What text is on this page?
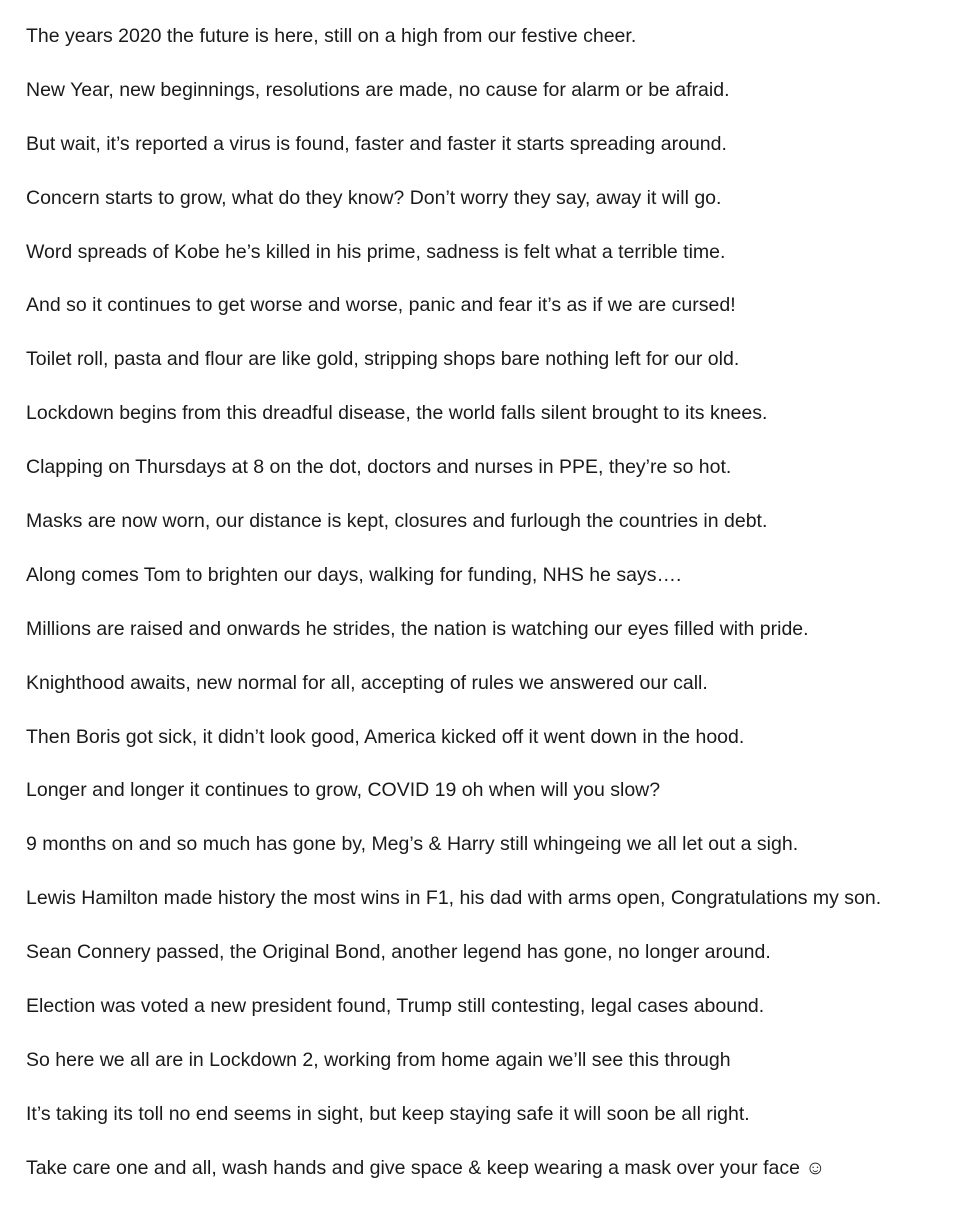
The years 2020 the future is here, still on a high from our festive cheer.
New Year, new beginnings, resolutions are made, no cause for alarm or be afraid.
But wait, it’s reported a virus is found, faster and faster it starts spreading around.
Concern starts to grow, what do they know? Don’t worry they say, away it will go.
Word spreads of Kobe he’s killed in his prime, sadness is felt what a terrible time.
And so it continues to get worse and worse, panic and fear it’s as if we are cursed!
Toilet roll, pasta and flour are like gold, stripping shops bare nothing left for our old.
Lockdown begins from this dreadful disease, the world falls silent brought to its knees.
Clapping on Thursdays at 8 on the dot, doctors and nurses in PPE, they’re so hot.
Masks are now worn, our distance is kept, closures and furlough the countries in debt.
Along comes Tom to brighten our days, walking for funding, NHS he says….
Millions are raised and onwards he strides, the nation is watching our eyes filled with pride.
Knighthood awaits, new normal for all, accepting of rules we answered our call.
Then Boris got sick, it didn’t look good, America kicked off it went down in the hood.
Longer and longer it continues to grow, COVID 19 oh when will you slow?
9 months on and so much has gone by, Meg’s & Harry still whingeing we all let out a sigh.
Lewis Hamilton made history the most wins in F1, his dad with arms open, Congratulations my son.
Sean Connery passed, the Original Bond, another legend has gone, no longer around.
Election was voted a new president found, Trump still contesting, legal cases abound.
So here we all are in Lockdown 2, working from home again we’ll see this through
It’s taking its toll no end seems in sight, but keep staying safe it will soon be all right.
Take care one and all, wash hands and give space & keep wearing a mask over your face ☺
